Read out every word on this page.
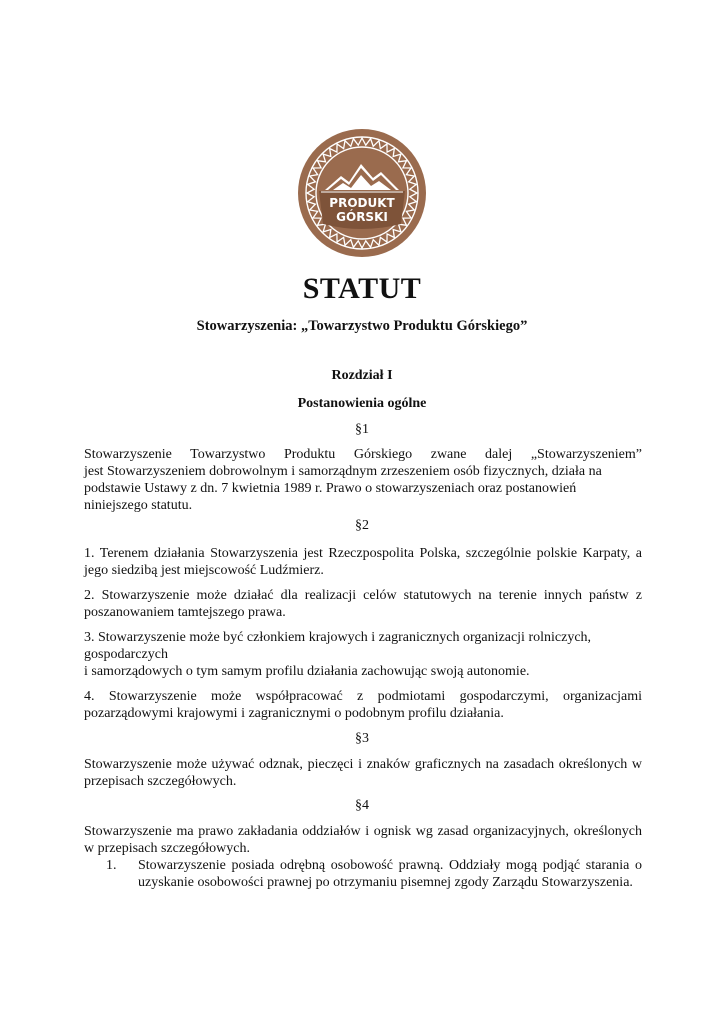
PRODUKT
GÓRSKI
STATUT
Stowarzyszenia: „Towarzystwo Produktu Górskiego”
Rozdział I
Postanowienia ogólne
§1
Stowarzyszenie Towarzystwo Produktu Górskiego zwane dalej „Stowarzyszeniem”
jest Stowarzyszeniem dobrowolnym i samorządnym zrzeszeniem osób fizycznych, działa na podstawie Ustawy z dn. 7 kwietnia 1989 r. Prawo o stowarzyszeniach oraz postanowień niniejszego statutu.
§2
1. Terenem działania Stowarzyszenia jest Rzeczpospolita Polska, szczególnie polskie Karpaty, a jego siedzibą jest miejscowość Ludźmierz.
2. Stowarzyszenie może działać dla realizacji celów statutowych na terenie innych państw z poszanowaniem tamtejszego prawa.
3. Stowarzyszenie może być członkiem krajowych i zagranicznych organizacji rolniczych, gospodarczych
i samorządowych o tym samym profilu działania zachowując swoją autonomie.
4. Stowarzyszenie może współpracować z podmiotami gospodarczymi, organizacjami pozarządowymi krajowymi i zagranicznymi o podobnym profilu działania.
§3
Stowarzyszenie może używać odznak, pieczęci i znaków graficznych na zasadach określonych w przepisach szczegółowych.
§4
Stowarzyszenie ma prawo zakładania oddziałów i ognisk wg zasad organizacyjnych, określonych w przepisach szczegółowych.
1. Stowarzyszenie posiada odrębną osobowość prawną. Oddziały mogą podjąć starania o uzyskanie osobowości prawnej po otrzymaniu pisemnej zgody Zarządu Stowarzyszenia.
